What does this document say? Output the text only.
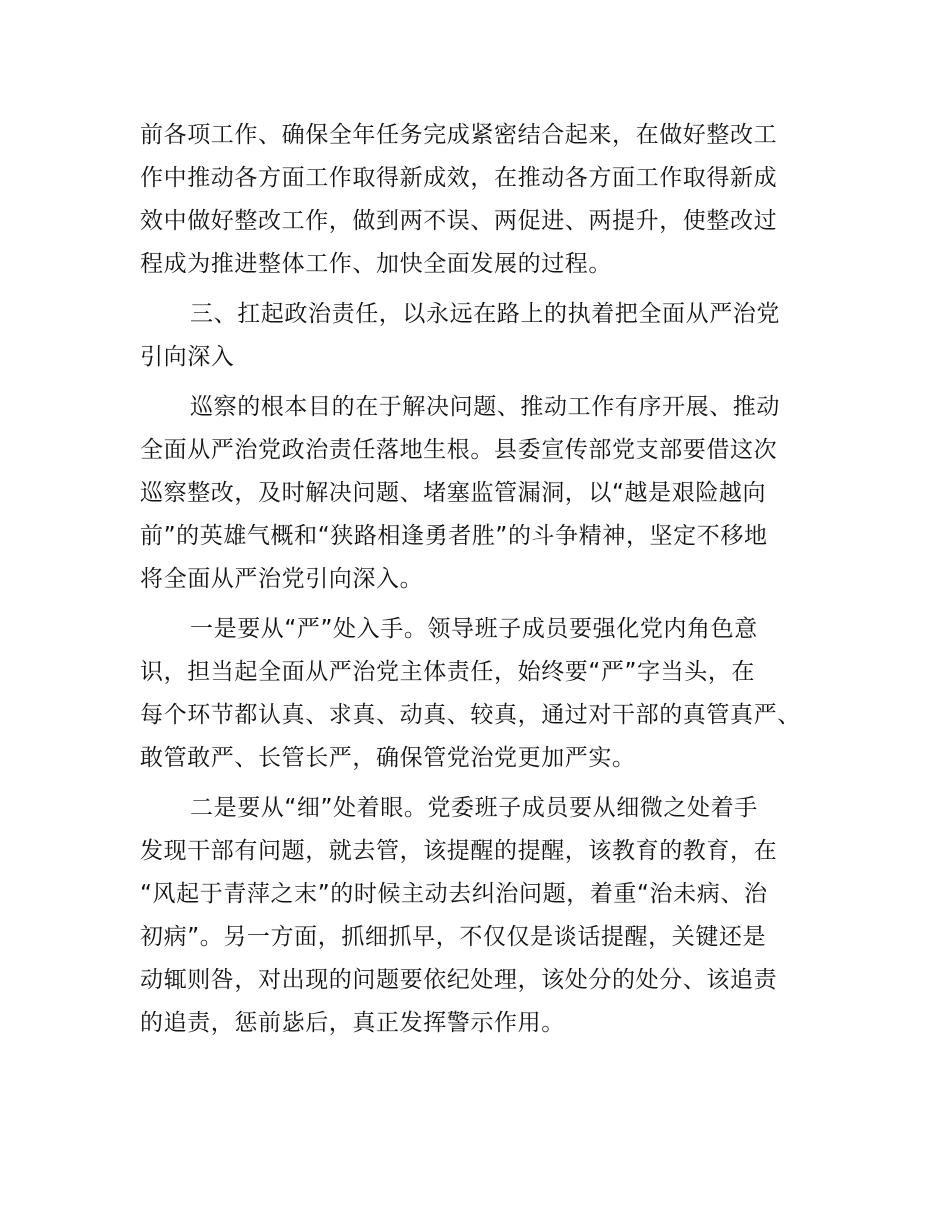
前各项工作、确保全年任务完成紧密结合起来，在做好整改工
作中推动各方面工作取得新成效，在推动各方面工作取得新成
效中做好整改工作，做到两不误、两促进、两提升，使整改过
程成为推进整体工作、加快全面发展的过程。
三、扛起政治责任，以永远在路上的执着把全面从严治党
引向深入
巡察的根本目的在于解决问题、推动工作有序开展、推动
全面从严治党政治责任落地生根。县委宣传部党支部要借这次
巡察整改，及时解决问题、堵塞监管漏洞，以“越是艰险越向
前”的英雄气概和“狭路相逢勇者胜”的斗争精神，坚定不移地
将全面从严治党引向深入。
一是要从“严”处入手。领导班子成员要强化党内角色意
识，担当起全面从严治党主体责任，始终要“严”字当头，在
每个环节都认真、求真、动真、较真，通过对干部的真管真严、
敢管敢严、长管长严，确保管党治党更加严实。
二是要从“细”处着眼。党委班子成员要从细微之处着手
发现干部有问题，就去管，该提醒的提醒，该教育的教育，在
“风起于青萍之末”的时候主动去纠治问题，着重“治未病、治
初病”。另一方面，抓细抓早，不仅仅是谈话提醒，关键还是
动辄则咎，对出现的问题要依纪处理，该处分的处分、该追责
的追责，惩前毖后，真正发挥警示作用。
